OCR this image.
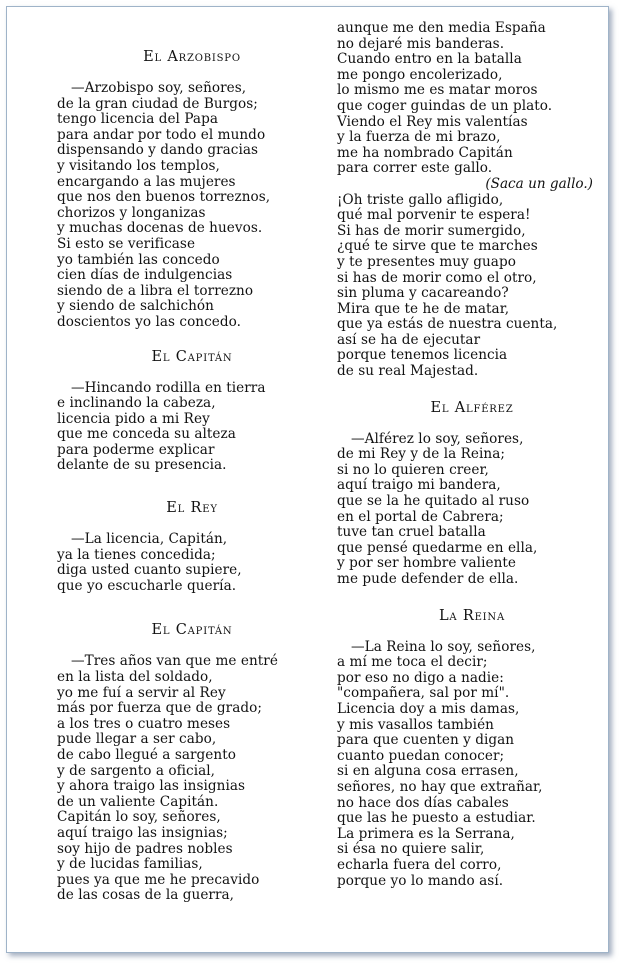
El Arzobispo
—Arzobispo soy, señores,
de la gran ciudad de Burgos;
tengo licencia del Papa
para andar por todo el mundo
dispensando y dando gracias
y visitando los templos,
encargando a las mujeres
que nos den buenos torreznos,
chorizos y longanizas
y muchas docenas de huevos.
Si esto se verificase
yo también las concedo
cien días de indulgencias
siendo de a libra el torrezno
y siendo de salchichón
doscientos yo las concedo.
El Capitán
—Hincando rodilla en tierra
e inclinando la cabeza,
licencia pido a mi Rey
que me conceda su alteza
para poderme explicar
delante de su presencia.
El Rey
—La licencia, Capitán,
ya la tienes concedida;
diga usted cuanto supiere,
que yo escucharle quería.
El Capitán
—Tres años van que me entré
en la lista del soldado,
yo me fuí a servir al Rey
más por fuerza que de grado;
a los tres o cuatro meses
pude llegar a ser cabo,
de cabo llegué a sargento
y de sargento a oficial,
y ahora traigo las insignias
de un valiente Capitán.
Capitán lo soy, señores,
aquí traigo las insignias;
soy hijo de padres nobles
y de lucidas familias,
pues ya que me he precavido
de las cosas de la guerra,
aunque me den media España
no dejaré mis banderas.
Cuando entro en la batalla
me pongo encolerizado,
lo mismo me es matar moros
que coger guindas de un plato.
Viendo el Rey mis valentías
y la fuerza de mi brazo,
me ha nombrado Capitán
para correr este gallo.
(Saca un gallo.)
¡Oh triste gallo afligido,
qué mal porvenir te espera!
Si has de morir sumergido,
¿qué te sirve que te marches
y te presentes muy guapo
si has de morir como el otro,
sin pluma y cacareando?
Mira que te he de matar,
que ya estás de nuestra cuenta,
así se ha de ejecutar
porque tenemos licencia
de su real Majestad.
El Alférez
—Alférez lo soy, señores,
de mi Rey y de la Reina;
si no lo quieren creer,
aquí traigo mi bandera,
que se la he quitado al ruso
en el portal de Cabrera;
tuve tan cruel batalla
que pensé quedarme en ella,
y por ser hombre valiente
me pude defender de ella.
La Reina
—La Reina lo soy, señores,
a mí me toca el decir;
por eso no digo a nadie:
"compañera, sal por mí".
Licencia doy a mis damas,
y mis vasallos también
para que cuenten y digan
cuanto puedan conocer;
si en alguna cosa errasen,
señores, no hay que extrañar,
no hace dos días cabales
que las he puesto a estudiar.
La primera es la Serrana,
si ésa no quiere salir,
echarla fuera del corro,
porque yo lo mando así.
